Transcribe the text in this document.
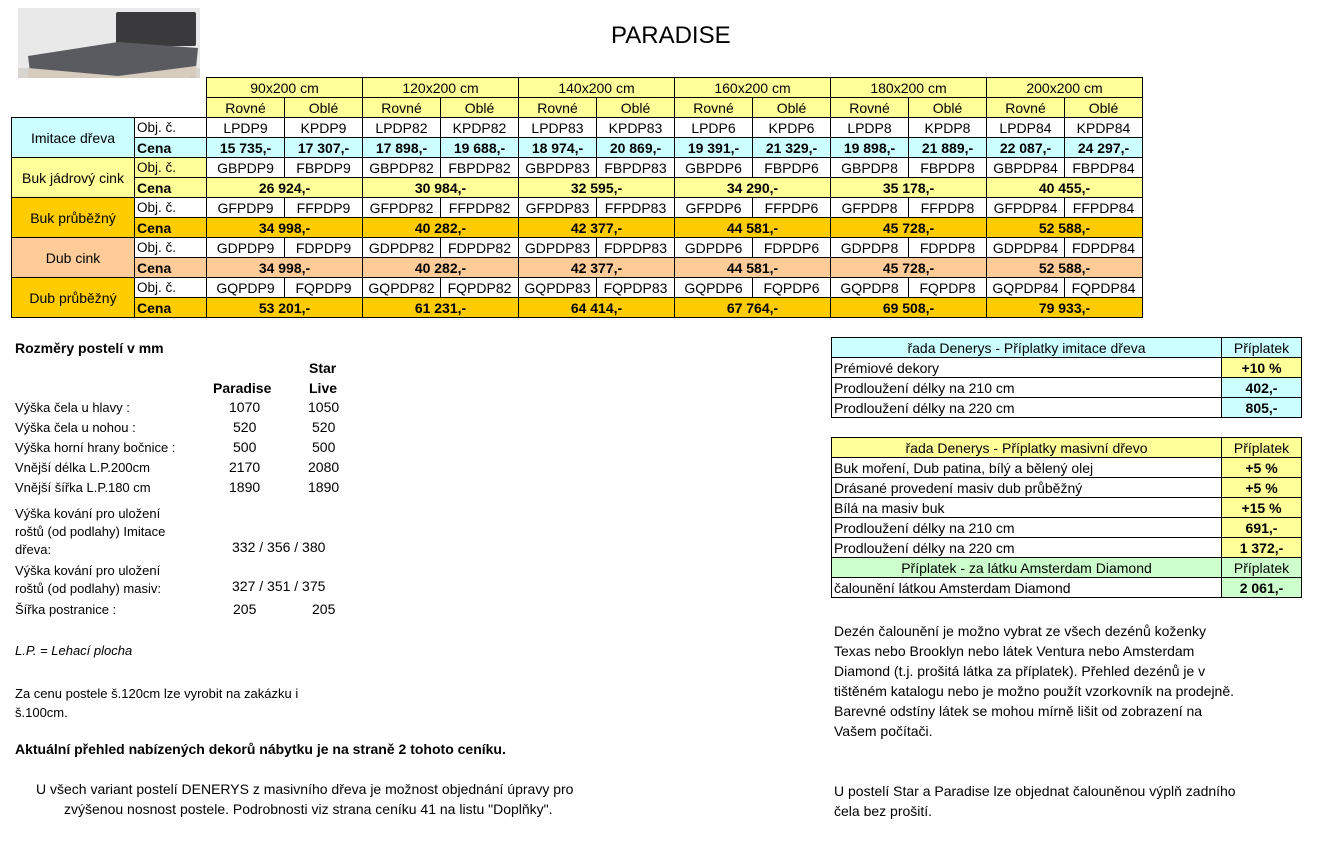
PARADISE
		90x200 cm		120x200 cm		140x200 cm		160x200 cm		180x200 cm		200x200 cm	
		Rovné	Oblé	Rovné	Oblé	Rovné	Oblé	Rovné	Oblé	Rovné	Oblé	Rovné	Oblé
Imitace dřeva	Obj. č.	LPDP9	KPDP9	LPDP82	KPDP82	LPDP83	KPDP83	LPDP6	KPDP6	LPDP8	KPDP8	LPDP84	KPDP84
	Cena	15 735,-	17 307,-	17 898,-	19 688,-	18 974,-	20 869,-	19 391,-	21 329,-	19 898,-	21 889,-	22 087,-	24 297,-
Buk jádrový cink	Obj. č.	GBPDP9	FBPDP9	GBPDP82	FBPDP82	GBPDP83	FBPDP83	GBPDP6	FBPDP6	GBPDP8	FBPDP8	GBPDP84	FBPDP84
	Cena	26 924,-		30 984,-		32 595,-		34 290,-		35 178,-		40 455,-	
Buk průběžný	Obj. č.	GFPDP9	FFPDP9	GFPDP82	FFPDP82	GFPDP83	FFPDP83	GFPDP6	FFPDP6	GFPDP8	FFPDP8	GFPDP84	FFPDP84
	Cena	34 998,-		40 282,-		42 377,-		44 581,-		45 728,-		52 588,-	
Dub cink	Obj. č.	GDPDP9	FDPDP9	GDPDP82	FDPDP82	GDPDP83	FDPDP83	GDPDP6	FDPDP6	GDPDP8	FDPDP8	GDPDP84	FDPDP84
	Cena	34 998,-		40 282,-		42 377,-		44 581,-		45 728,-		52 588,-	
Dub průběžný	Obj. č.	GQPDP9	FQPDP9	GQPDP82	FQPDP82	GQPDP83	FQPDP83	GQPDP6	FQPDP6	GQPDP8	FQPDP8	GQPDP84	FQPDP84
	Cena	53 201,-		61 231,-		64 414,-		67 764,-		69 508,-		79 933,-	
Rozměry postelí v mm
Paradise
Star
Live
Výška čela u hlavy :	1070	1050
Výška čela u nohou :	520	520
Výška horní hrany bočnice :	500	500
Vnější délka L.P.200cm	2170	2080
Vnější šířka L.P.180 cm	1890	1890
Výška kování pro uložení
roštů (od podlahy) Imitace
dřeva:	332 / 356 / 380
Výška kování pro uložení
roštů (od podlahy) masiv:	327 / 351 / 375
Šířka postranice :	205	205
L.P. = Lehací plocha
Za cenu postele š.120cm lze vyrobit na zakázku i
š.100cm.
Aktuální přehled nabízených dekorů nábytku je na straně 2 tohoto ceníku.
U všech variant postelí DENERYS z masivního dřeva je možnost objednání úpravy pro
zvýšenou nosnost postele. Podrobnosti viz strana ceníku 41 na listu "Doplňky".
řada Denerys - Příplatky imitace dřeva	Příplatek
Prémiové dekory	+10 %
Prodloužení délky na 210 cm	402,-
Prodloužení délky na 220 cm	805,-
řada Denerys - Příplatky masivní dřevo	Příplatek
Buk moření, Dub patina, bílý a bělený olej	+5 %
Drásané provedení masiv dub průběžný	+5 %
Bílá na masiv buk	+15 %
Prodloužení délky na 210 cm	691,-
Prodloužení délky na 220 cm	1 372,-
Příplatek - za látku Amsterdam Diamond	Příplatek
čalounění látkou Amsterdam Diamond	2 061,-
Dezén čalounění je možno vybrat ze všech dezénů koženky
Texas nebo Brooklyn nebo látek Ventura nebo Amsterdam
Diamond (t.j. prošitá látka za příplatek). Přehled dezénů je v
tištěném katalogu nebo je možno použít vzorkovník na prodejně.
Barevné odstíny látek se mohou mírně lišit od zobrazení na
Vašem počítači.
U postelí Star a Paradise lze objednat čalouněnou výplň zadního
čela bez prošití.
